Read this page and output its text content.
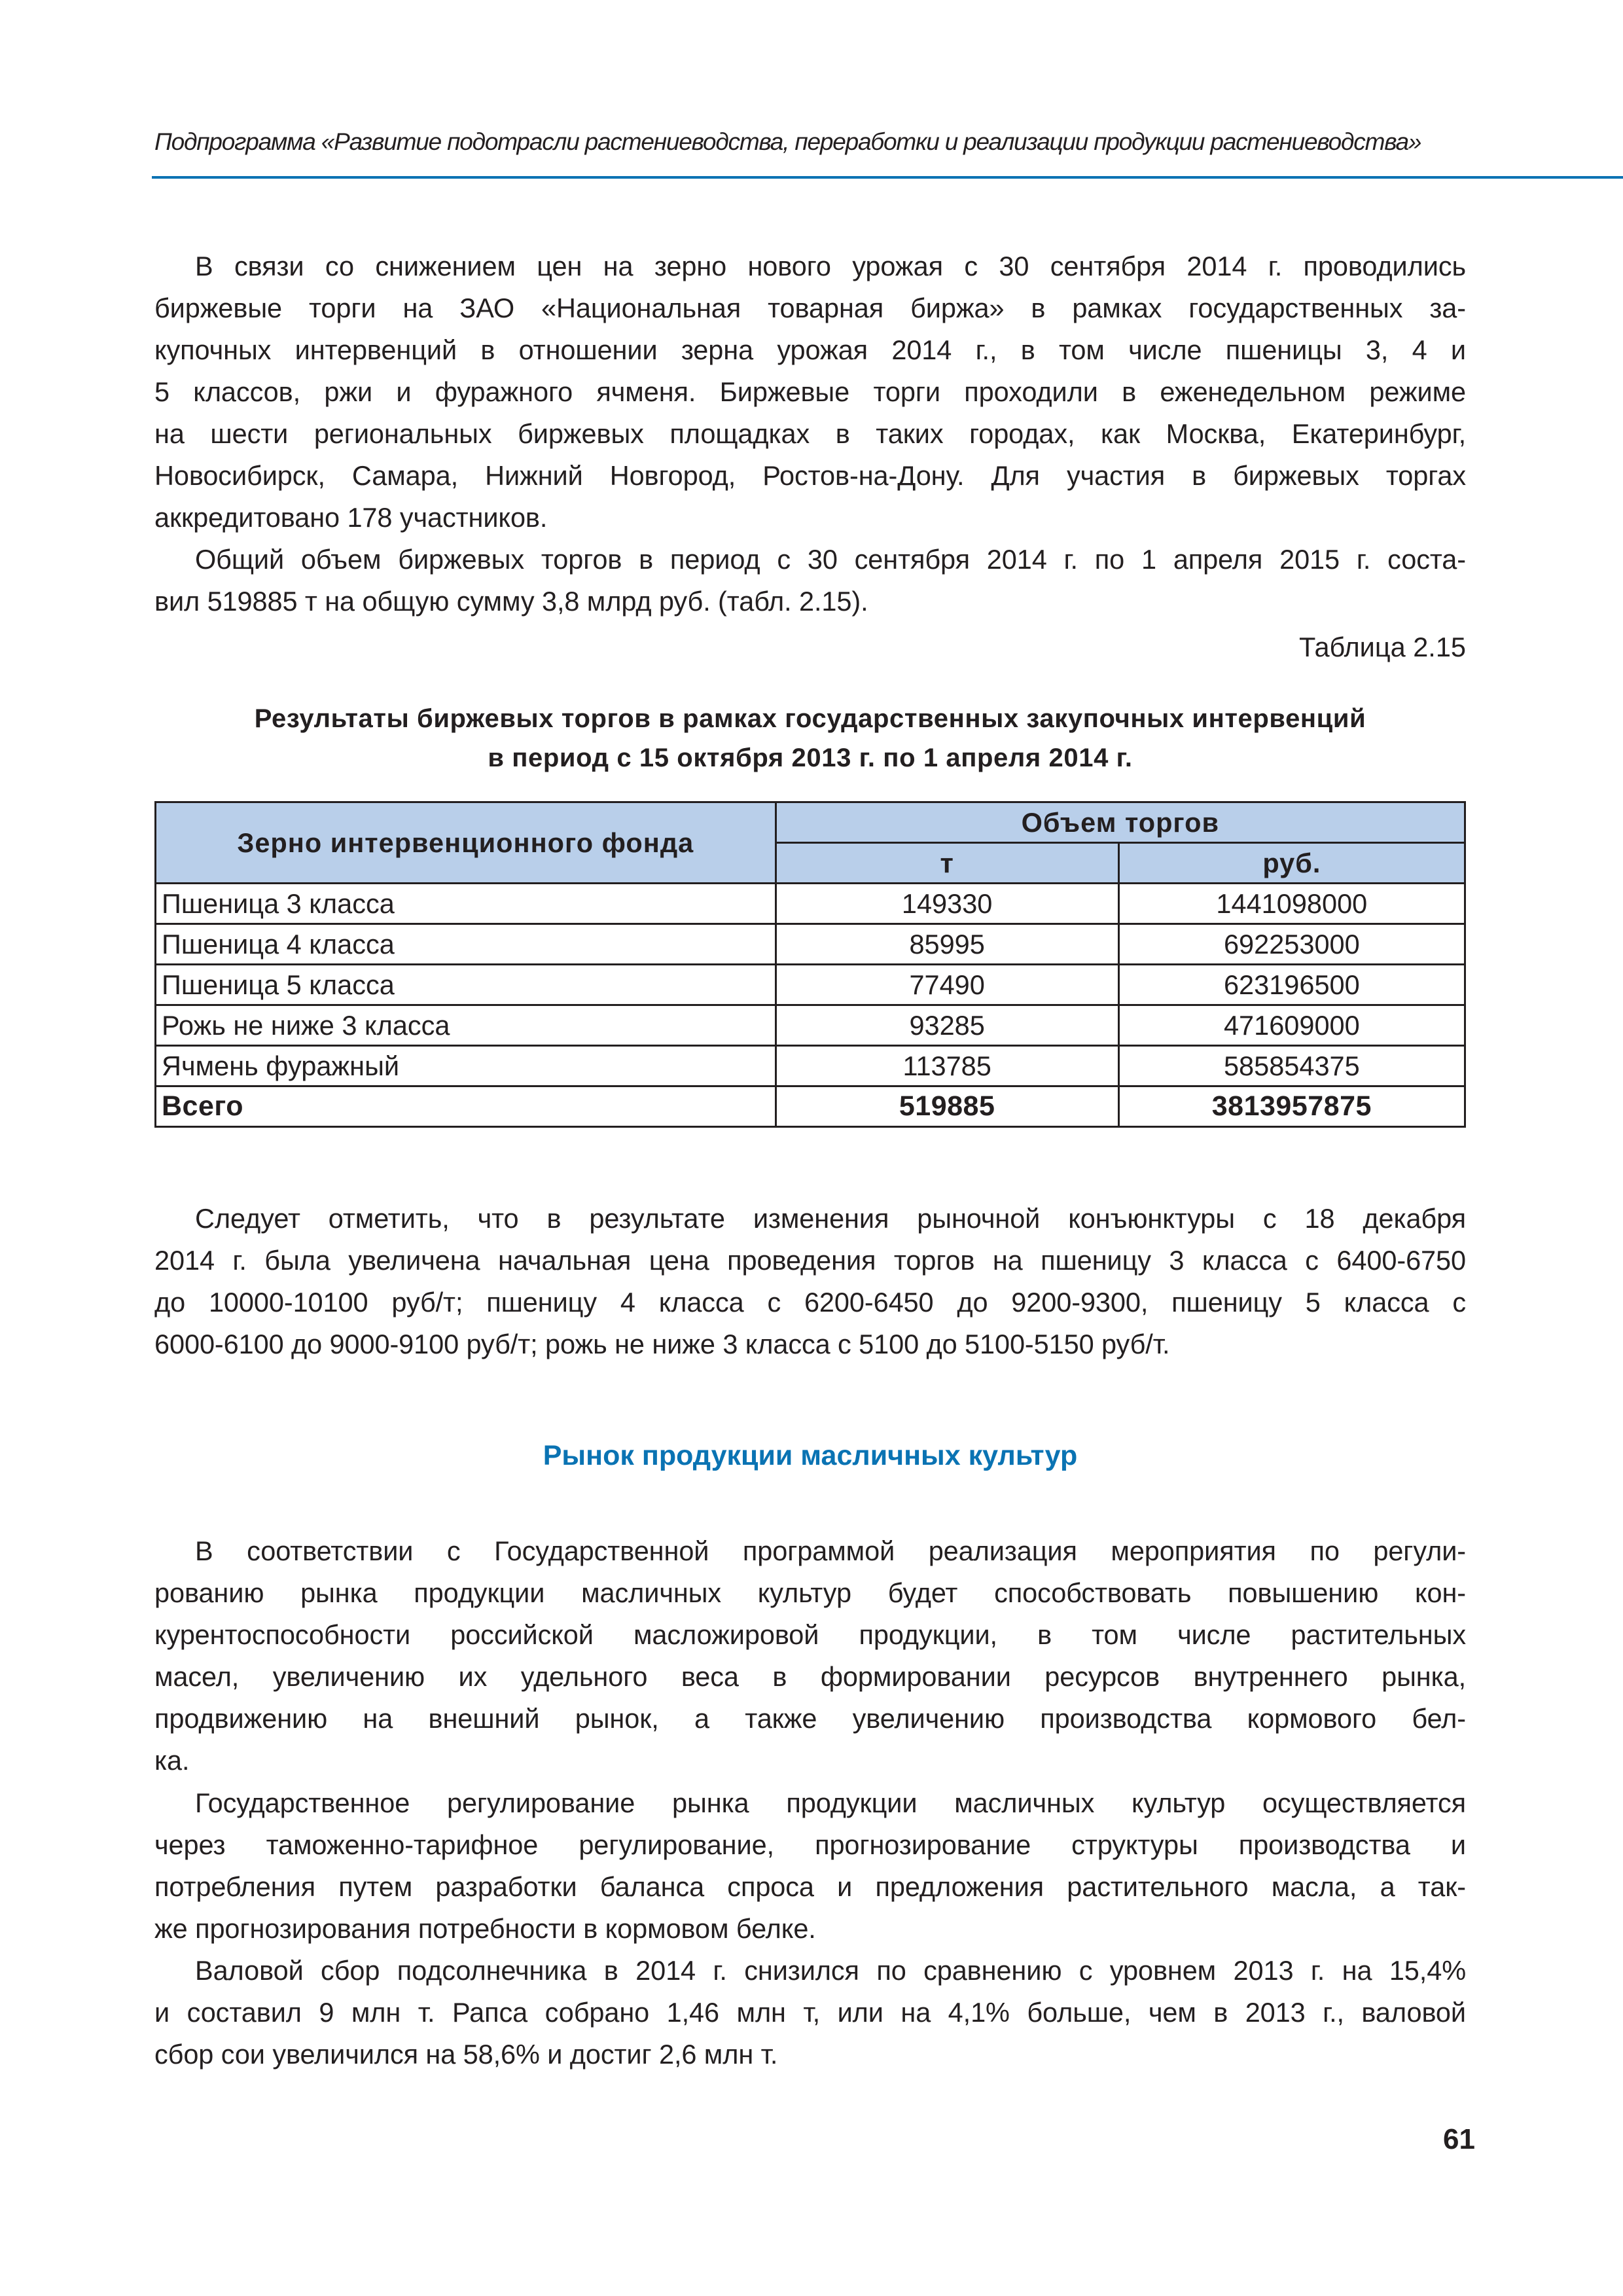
Подпрограмма «Развитие подотрасли растениеводства, переработки и реализации продукции растениеводства»

В связи со снижением цен на зерно нового урожая с 30 сентября 2014 г. проводились
биржевые торги на ЗАО «Национальная товарная биржа» в рамках государственных за-
купочных интервенций в отношении зерна урожая 2014 г., в том числе пшеницы 3, 4 и
5 классов, ржи и фуражного ячменя. Биржевые торги проходили в еженедельном режиме
на шести региональных биржевых площадках в таких городах, как Москва, Екатеринбург,
Новосибирск, Самара, Нижний Новгород, Ростов-на-Дону. Для участия в биржевых торгах
аккредитовано 178 участников.

Общий объем биржевых торгов в период с 30 сентября 2014 г. по 1 апреля 2015 г. соста-
вил 519885 т на общую сумму 3,8 млрд руб. (табл. 2.15).

Таблица 2.15
Результаты биржевых торгов в рамках государственных закупочных интервенций
в период с 15 октября 2013 г. по 1 апреля 2014 г.
Зерно интервенционного фонда	Объем торгов	
	т	руб.
Пшеница 3 класса	149330	1441098000
Пшеница 4 класса	85995	692253000
Пшеница 5 класса	77490	623196500
Рожь не ниже 3 класса	93285	471609000
Ячмень фуражный	113785	585854375
Всего	519885	3813957875

Следует отметить, что в результате изменения рыночной конъюнктуры с 18 декабря
2014 г. была увеличена начальная цена проведения торгов на пшеницу 3 класса с 6400-6750
до 10000-10100 руб/т; пшеницу 4 класса с 6200-6450 до 9200-9300, пшеницу 5 класса с
6000-6100 до 9000-9100 руб/т; рожь не ниже 3 класса с 5100 до 5100-5150 руб/т.

Рынок продукции масличных культур

В соответствии с Государственной программой реализация мероприятия по регули-
рованию рынка продукции масличных культур будет способствовать повышению кон-
курентоспособности российской масложировой продукции, в том числе растительных
масел, увеличению их удельного веса в формировании ресурсов внутреннего рынка,
продвижению на внешний рынок, а также увеличению производства кормового бел-
ка.

Государственное регулирование рынка продукции масличных культур осуществляется
через таможенно-тарифное регулирование, прогнозирование структуры производства и
потребления путем разработки баланса спроса и предложения растительного масла, а так-
же прогнозирования потребности в кормовом белке.

Валовой сбор подсолнечника в 2014 г. снизился по сравнению с уровнем 2013 г. на 15,4%
и составил 9 млн т. Рапса собрано 1,46 млн т, или на 4,1% больше, чем в 2013 г., валовой
сбор сои увеличился на 58,6% и достиг 2,6 млн т.

61
